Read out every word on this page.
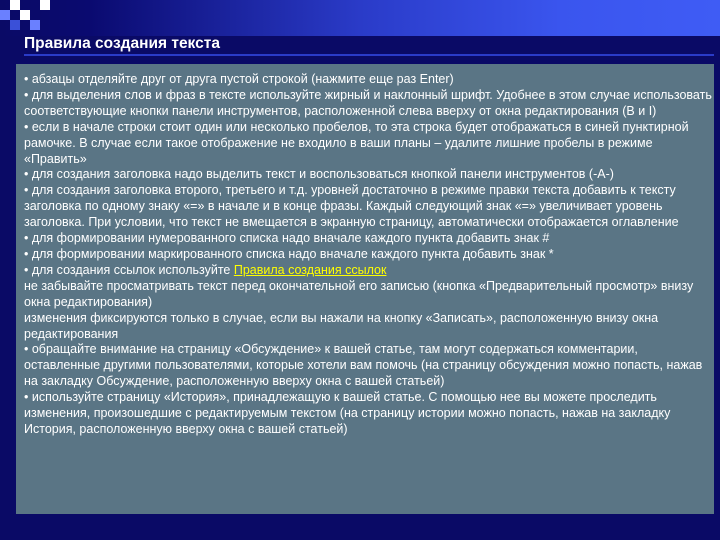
Правила создания текста

• абзацы отделяйте друг от друга пустой строкой (нажмите еще раз Enter)

• для выделения слов и фраз в тексте используйте жирный и наклонный шрифт. Удобнее в этом случае использовать соответствующие кнопки панели инструментов, расположенной слева вверху от окна редактирования (B и I)

• если в начале строки стоит один или несколько пробелов, то эта строка будет отображаться в синей пунктирной рамочке. В случае если такое отображение не входило в ваши планы – удалите лишние пробелы в режиме «Править»

• для создания заголовка надо выделить текст и воспользоваться кнопкой панели инструментов (-A-)

• для создания заголовка второго, третьего и т.д. уровней достаточно в режиме правки текста добавить к тексту заголовка по одному знаку «=» в начале и в конце фразы. Каждый следующий знак «=» увеличивает уровень заголовка. При условии, что текст не вмещается в экранную страницу, автоматически отображается оглавление

• для формировании нумерованного списка надо вначале каждого пункта добавить знак #

• для формировании маркированного списка надо вначале каждого пункта добавить знак *

• для создания ссылок используйте Правила создания ссылок

не забывайте просматривать текст перед окончательной его записью (кнопка «Предварительный просмотр» внизу окна редактирования)

изменения фиксируются только в случае, если вы нажали на кнопку «Записать», расположенную внизу окна редактирования

• обращайте внимание на страницу «Обсуждение» к вашей статье, там могут содержаться комментарии, оставленные другими пользователями, которые хотели вам помочь (на страницу обсуждения можно попасть, нажав на закладку Обсуждение, расположенную вверху окна с вашей статьей)

• используйте страницу «История», принадлежащую к вашей статье. С помощью нее вы можете проследить изменения, произошедшие с редактируемым текстом (на страницу истории можно попасть, нажав на закладку История, расположенную вверху окна с вашей статьей)
